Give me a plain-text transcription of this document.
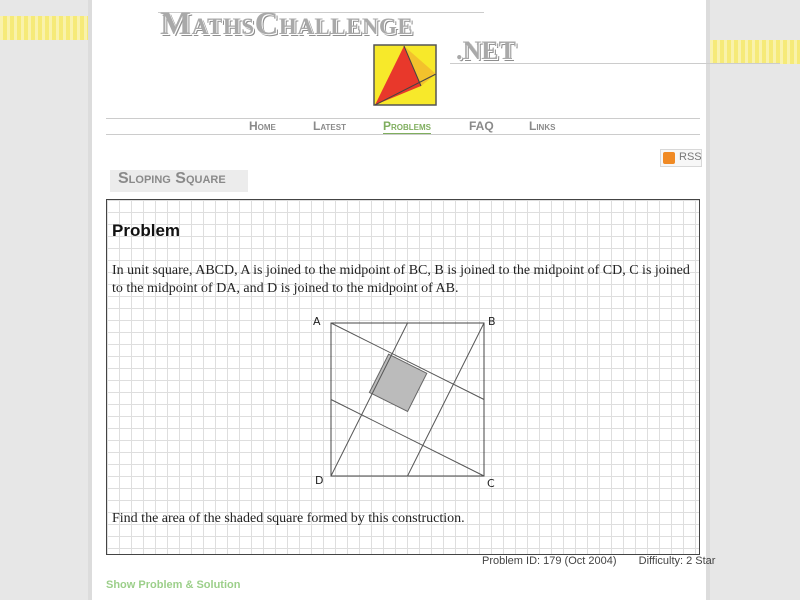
MathsChallenge
.NET
Home	Latest	Problems	FAQ	Links
RSS
Sloping Square
Problem
In unit square, ABCD, A is joined to the midpoint of BC, B is joined to the midpoint of CD, C is joined to the midpoint of DA, and D is joined to the midpoint of AB.
A	B
C
D
Find the area of the shaded square formed by this construction.
Problem ID: 179 (Oct 2004) Difficulty: 2 Star
Show Problem & Solution
